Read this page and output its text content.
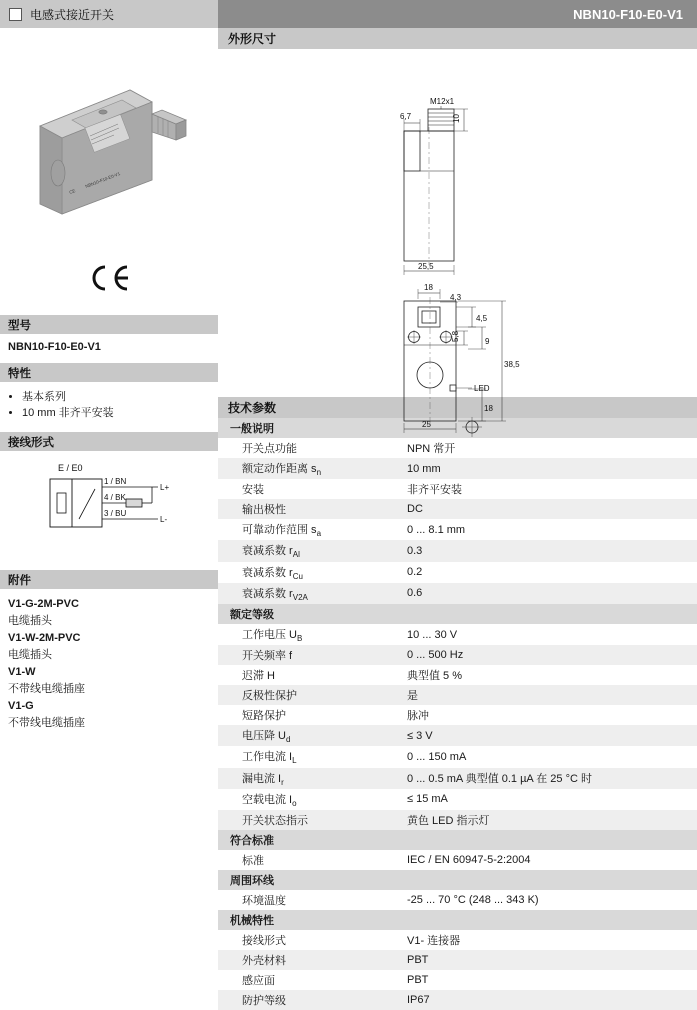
电感式接近开关	NBN10-F10-E0-V1
CE
NBN10-F10-E0-V1
型号
NBN10-F10-E0-V1
特性
• 基本系列
• 10 mm 非齐平安装
接线形式
E / E0
1 / BN
4 / BK
3 / BU
L+
L-
附件
V1-G-2M-PVC
电缆插头
V1-W-2M-PVC
电缆插头
V1-W
不带线电缆插座
V1-G
不带线电缆插座
外形尺寸
M12x1
10
6,7
25,5
LED
18
4,3
4,5
5,8	9
38,5
18
25
技术参数
一般说明	
开关点功能	NPN 常开
额定动作距离 $s_n$	10 mm
安装	非齐平安装
输出极性	DC
可靠动作范围 $s_a$	0 ... 8.1 mm
衰减系数 $r_{Al}$	0.3
衰减系数 $r_{Cu}$	0.2
衰减系数 $r_{V2A}$	0.6
额定等级	
工作电压 $U_B$	10 ... 30 V
开关频率 f	0 ... 500 Hz
迟滞 H	典型值 5 %
反极性保护	是
短路保护	脉冲
电压降 $U_d$	≤ 3 V
工作电流 $I_L$	0 ... 150 mA
漏电流 $I_r$	0 ... 0.5 mA 典型值 0.1 µA 在 25 °C 时
空载电流 $I_o$	≤ 15 mA
开关状态指示	黄色 LED 指示灯
符合标准	
标准	IEC / EN 60947-5-2:2004
周围环线	
环境温度	-25 ... 70 °C (248 ... 343 K)
机械特性	
接线形式	V1- 连接器
外壳材料	PBT
感应面	PBT
防护等级	IP67
